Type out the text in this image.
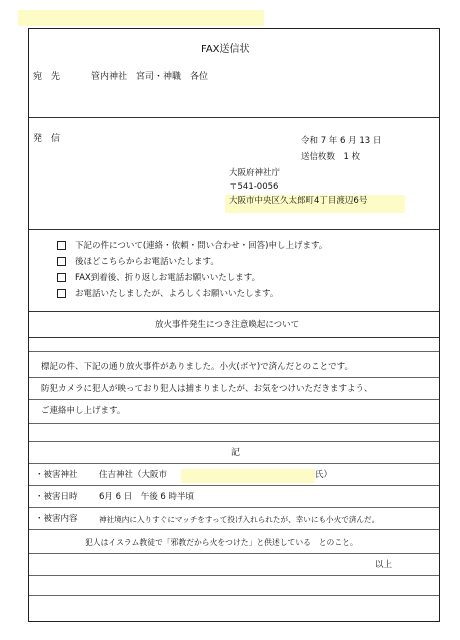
FAX送信状
宛　先	管内神社　宮司・神職　各位
発　信	令和 7 年 6 月 13 日
送信枚数　1 枚
大阪府神社庁
〒541-0056
大阪市中央区久太郎町4丁目渡辺6号
下記の件について(連絡・依頼・問い合わせ・回答)申し上げます。
後ほどこちらからお電話いたします。
FAX到着後、折り返しお電話お願いいたします。
お電話いたしましたが、よろしくお願いいたします。
放火事件発生につき注意喚起について
標記の件、下記の通り放火事件がありました。小火(ボヤ)で済んだとのことです。
防犯カメラに犯人が映っており犯人は捕まりましたが、お気をつけいただきますよう、
ご連絡申し上げます。
記
・被害神社	住吉神社（大阪市	氏）
・被害日時	6月 6 日　午後 6 時半頃
・被害内容	神社境内に入りすぐにマッチをすって投げ入れられたが、幸いにも小火で済んだ。
犯人はイスラム教徒で「邪教だから火をつけた」と供述している　とのこと。
以上
